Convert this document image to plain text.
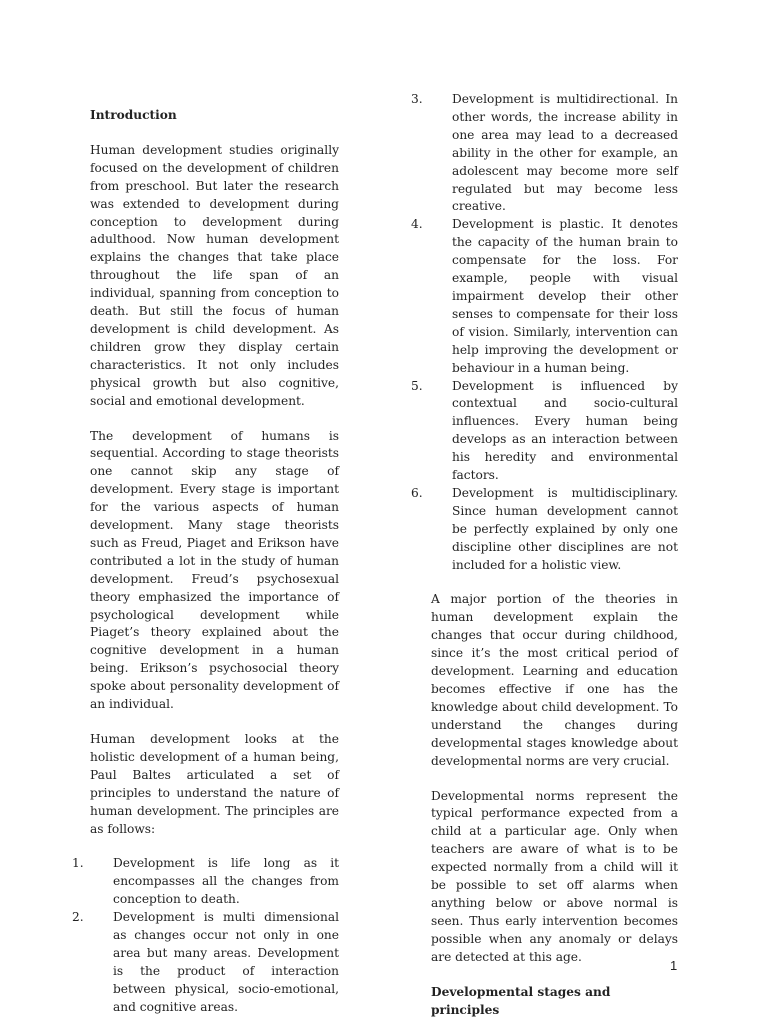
Introduction
Human development studies originally focused on the development of children from preschool. But later the research was extended to development during conception to development during adulthood. Now human development explains the changes that take place throughout the life span of an individual, spanning from conception to death. But still the focus of human development is child development. As children grow they display certain characteristics. It not only includes physical growth but also cognitive, social and emotional development.
The development of humans is sequential. According to stage theorists one cannot skip any stage of development. Every stage is important for the various aspects of human development. Many stage theorists such as Freud, Piaget and Erikson have contributed a lot in the study of human development. Freud’s psychosexual theory emphasized the importance of psychological development while Piaget’s theory explained about the cognitive development in a human being. Erikson’s psychosocial theory spoke about personality development of an individual.
Human development looks at the holistic development of a human being, Paul Baltes articulated a set of principles to understand the nature of human development. The principles are as follows:
1. Development is life long as it encompasses all the changes from conception to death.
2. Development is multi dimensional as changes occur not only in one area but many areas. Development is the product of interaction between physical, socio-emotional, and cognitive areas.
3. Development is multidirectional. In other words, the increase ability in one area may lead to a decreased ability in the other for example, an adolescent may become more self regulated but may become less creative.
4. Development is plastic. It denotes the capacity of the human brain to compensate for the loss. For example, people with visual impairment develop their other senses to compensate for their loss of vision. Similarly, intervention can help improving the development or behaviour in a human being.
5. Development is influenced by contextual and socio-cultural influences. Every human being develops as an interaction between his heredity and environmental factors.
6. Development is multidisciplinary. Since human development cannot be perfectly explained by only one discipline other disciplines are not included for a holistic view.
A major portion of the theories in human development explain the changes that occur during childhood, since it’s the most critical period of development. Learning and education becomes effective if one has the knowledge about child development. To understand the changes during developmental stages knowledge about developmental norms are very crucial.
Developmental norms represent the typical performance expected from a child at a particular age. Only when teachers are aware of what is to be expected normally from a child will it be possible to set off alarms when anything below or above normal is seen. Thus early intervention becomes possible when any anomaly or delays are detected at this age.
Developmental stages and principles
1
